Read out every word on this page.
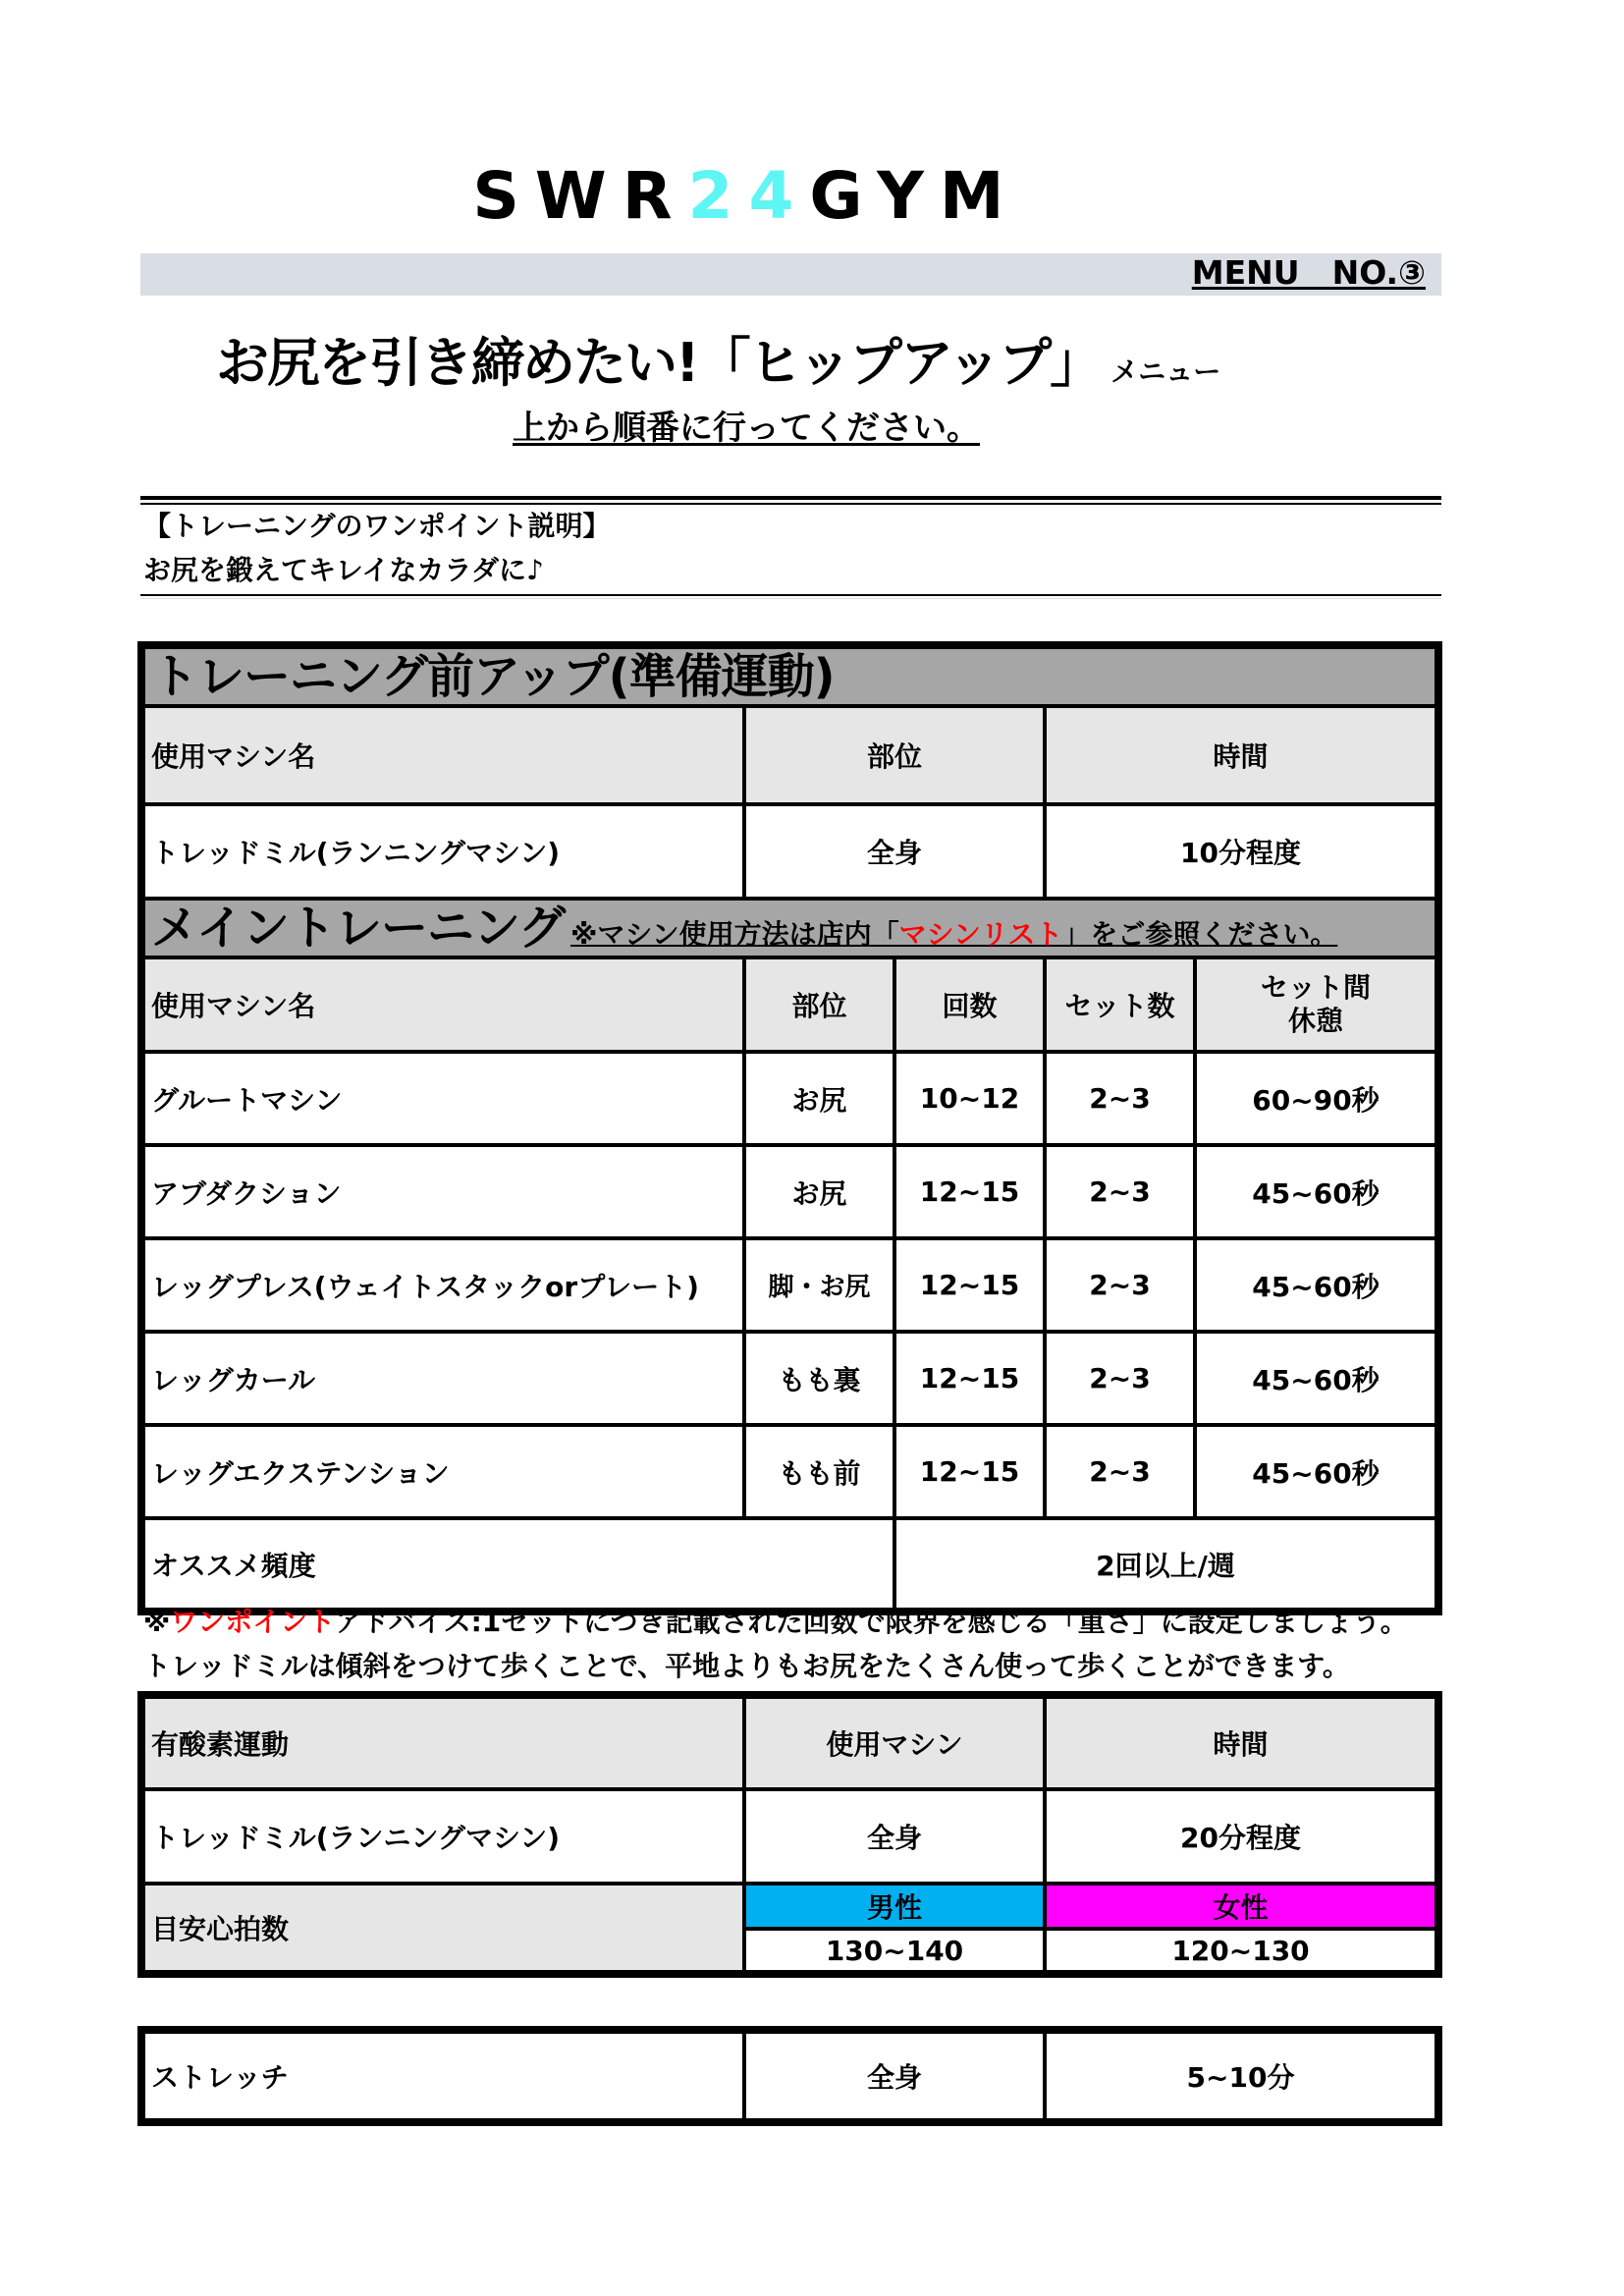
SWR24GYM
MENU　NO.③
お尻を引き締めたい!「ヒップアップ」 メニュー
上から順番に行ってください。
【トレーニングのワンポイント説明】
お尻を鍛えてキレイなカラダに♪
トレーニング前アップ(準備運動)				
使用マシン名	部位		時間	
トレッドミル(ランニングマシン)	全身		10分程度	
メイントレーニング ※マシン使用方法は店内「マシンリスト」をご参照ください。				
使用マシン名	部位	回数	セット数	セット間
休憩
グルートマシン	お尻	10~12	2~3	60~90秒
アブダクション	お尻	12~15	2~3	45~60秒
レッグプレス(ウェイトスタックorプレート)	脚・お尻	12~15	2~3	45~60秒
レッグカール	もも裏	12~15	2~3	45~60秒
レッグエクステンション	もも前	12~15	2~3	45~60秒
オススメ頻度		2回以上/週		
※ワンポイントアドバイス:1セットにつき記載された回数で限界を感じる「重さ」に設定しましょう。
トレッドミルは傾斜をつけて歩くことで、平地よりもお尻をたくさん使って歩くことができます。
有酸素運動	使用マシン	時間
トレッドミル(ランニングマシン)	全身	20分程度
目安心拍数	男性	女性
	130~140	120~130
ストレッチ	全身	5~10分
